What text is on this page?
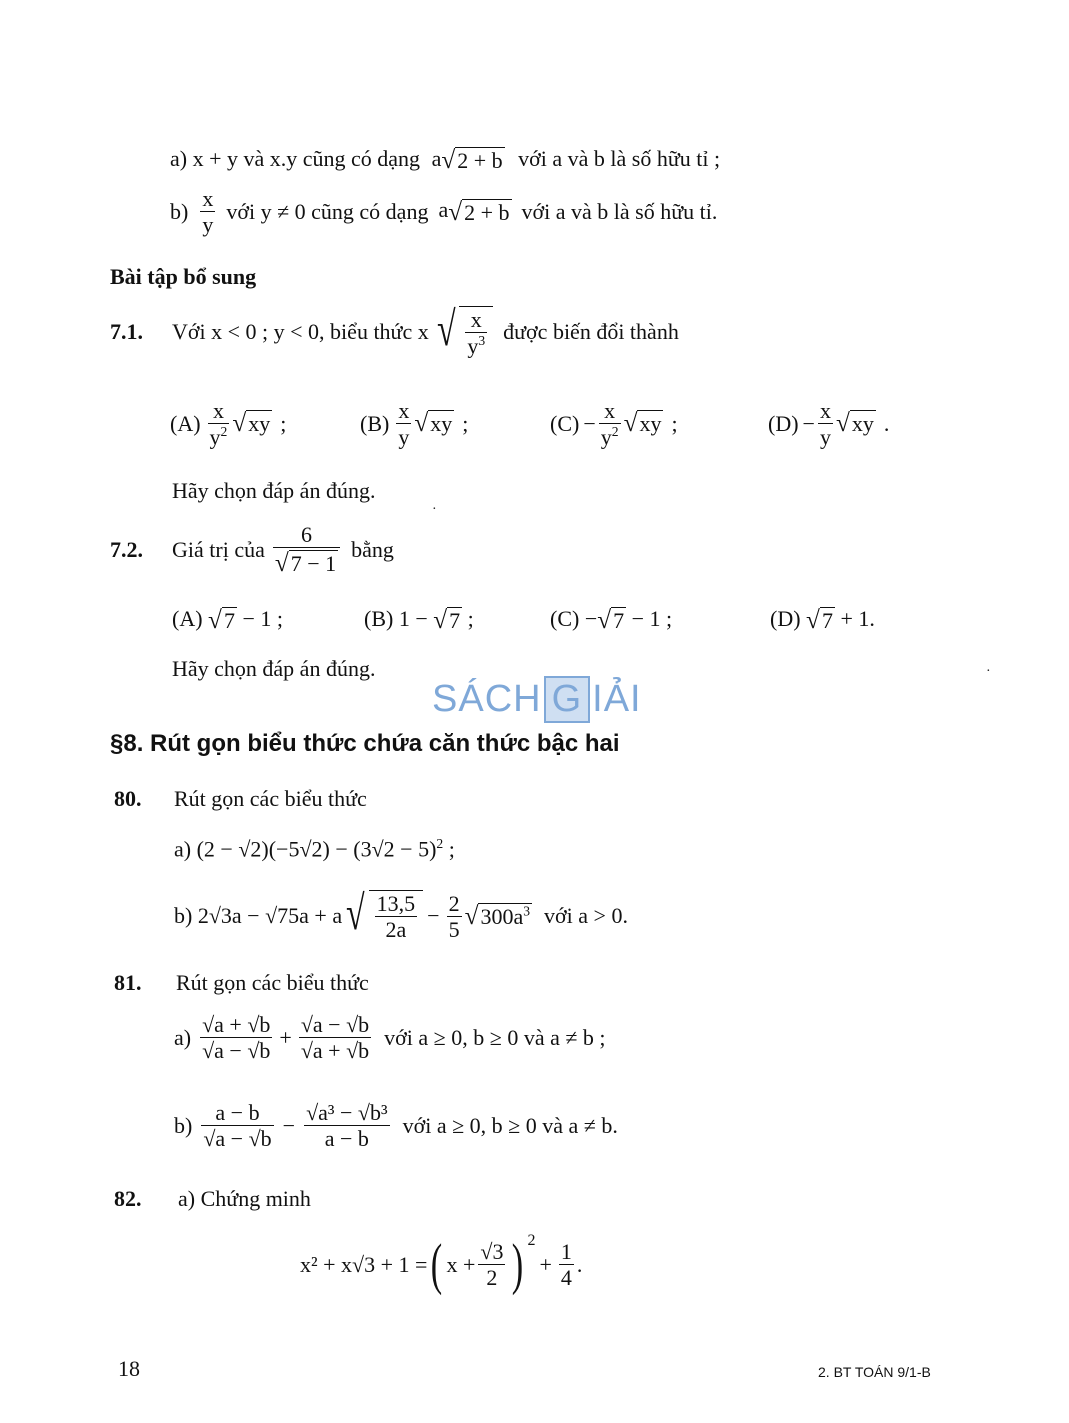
a) x + y và x.y cũng có dạng a√2 + b với a và b là số hữu tỉ ;
$b) \frac{x}{y}$ với y ≠ 0 cũng có dạng a√2 + b với a và b là số hữu tỉ.
Bài tập bổ sung
7.1.	Với x < 0 ; y < 0, biểu thức x √ $\frac{x}{y^3}$ được biến đổi thành
$(A) \frac{x}{y^2} √xy$ ;	$(B) \frac{x}{y} √xy$ ;	$(C) - \frac{x}{y^2} √xy$ ;	$(D) - \frac{x}{y} √xy$ .
Hãy chọn đáp án đúng.
·
7.2.	Giá trị của $\frac{6}{√7 - 1}$ bằng
(A) √7 − 1 ;	(B) 1 − √7 ;	(C) −√7 − 1 ;	(D) √7 + 1.
Hãy chọn đáp án đúng.	·
SÁCH G IẢI
§8. Rút gọn biểu thức chứa căn thức bậc hai
80. Rút gọn các biểu thức
a) $(2 - √2)(-5√2) - (3√2 - 5)^2$ ;
b) 2√3a − √75a + a √ $\frac{13,5}{2a} - \frac{2}{5} √300a^3$ với a > 0.
81. Rút gọn các biểu thức
$a) \frac{√a + √b}{√a - √b} + \frac{√a - √b}{√a + √b}$ với a ≥ 0, b ≥ 0 và a ≠ b ;
$b) \frac{a - b}{√a - √b} - \frac{\text{√a³ − √b³}}{a - b}$ với a ≥ 0, b ≥ 0 và a ≠ b.
82. a) Chứng minh
x² + x√3 + 1 = ( $x + \frac{√3}{2} )^2$
+ $\frac{1}{4}$ .
18	2. BT TOÁN 9/1-B
